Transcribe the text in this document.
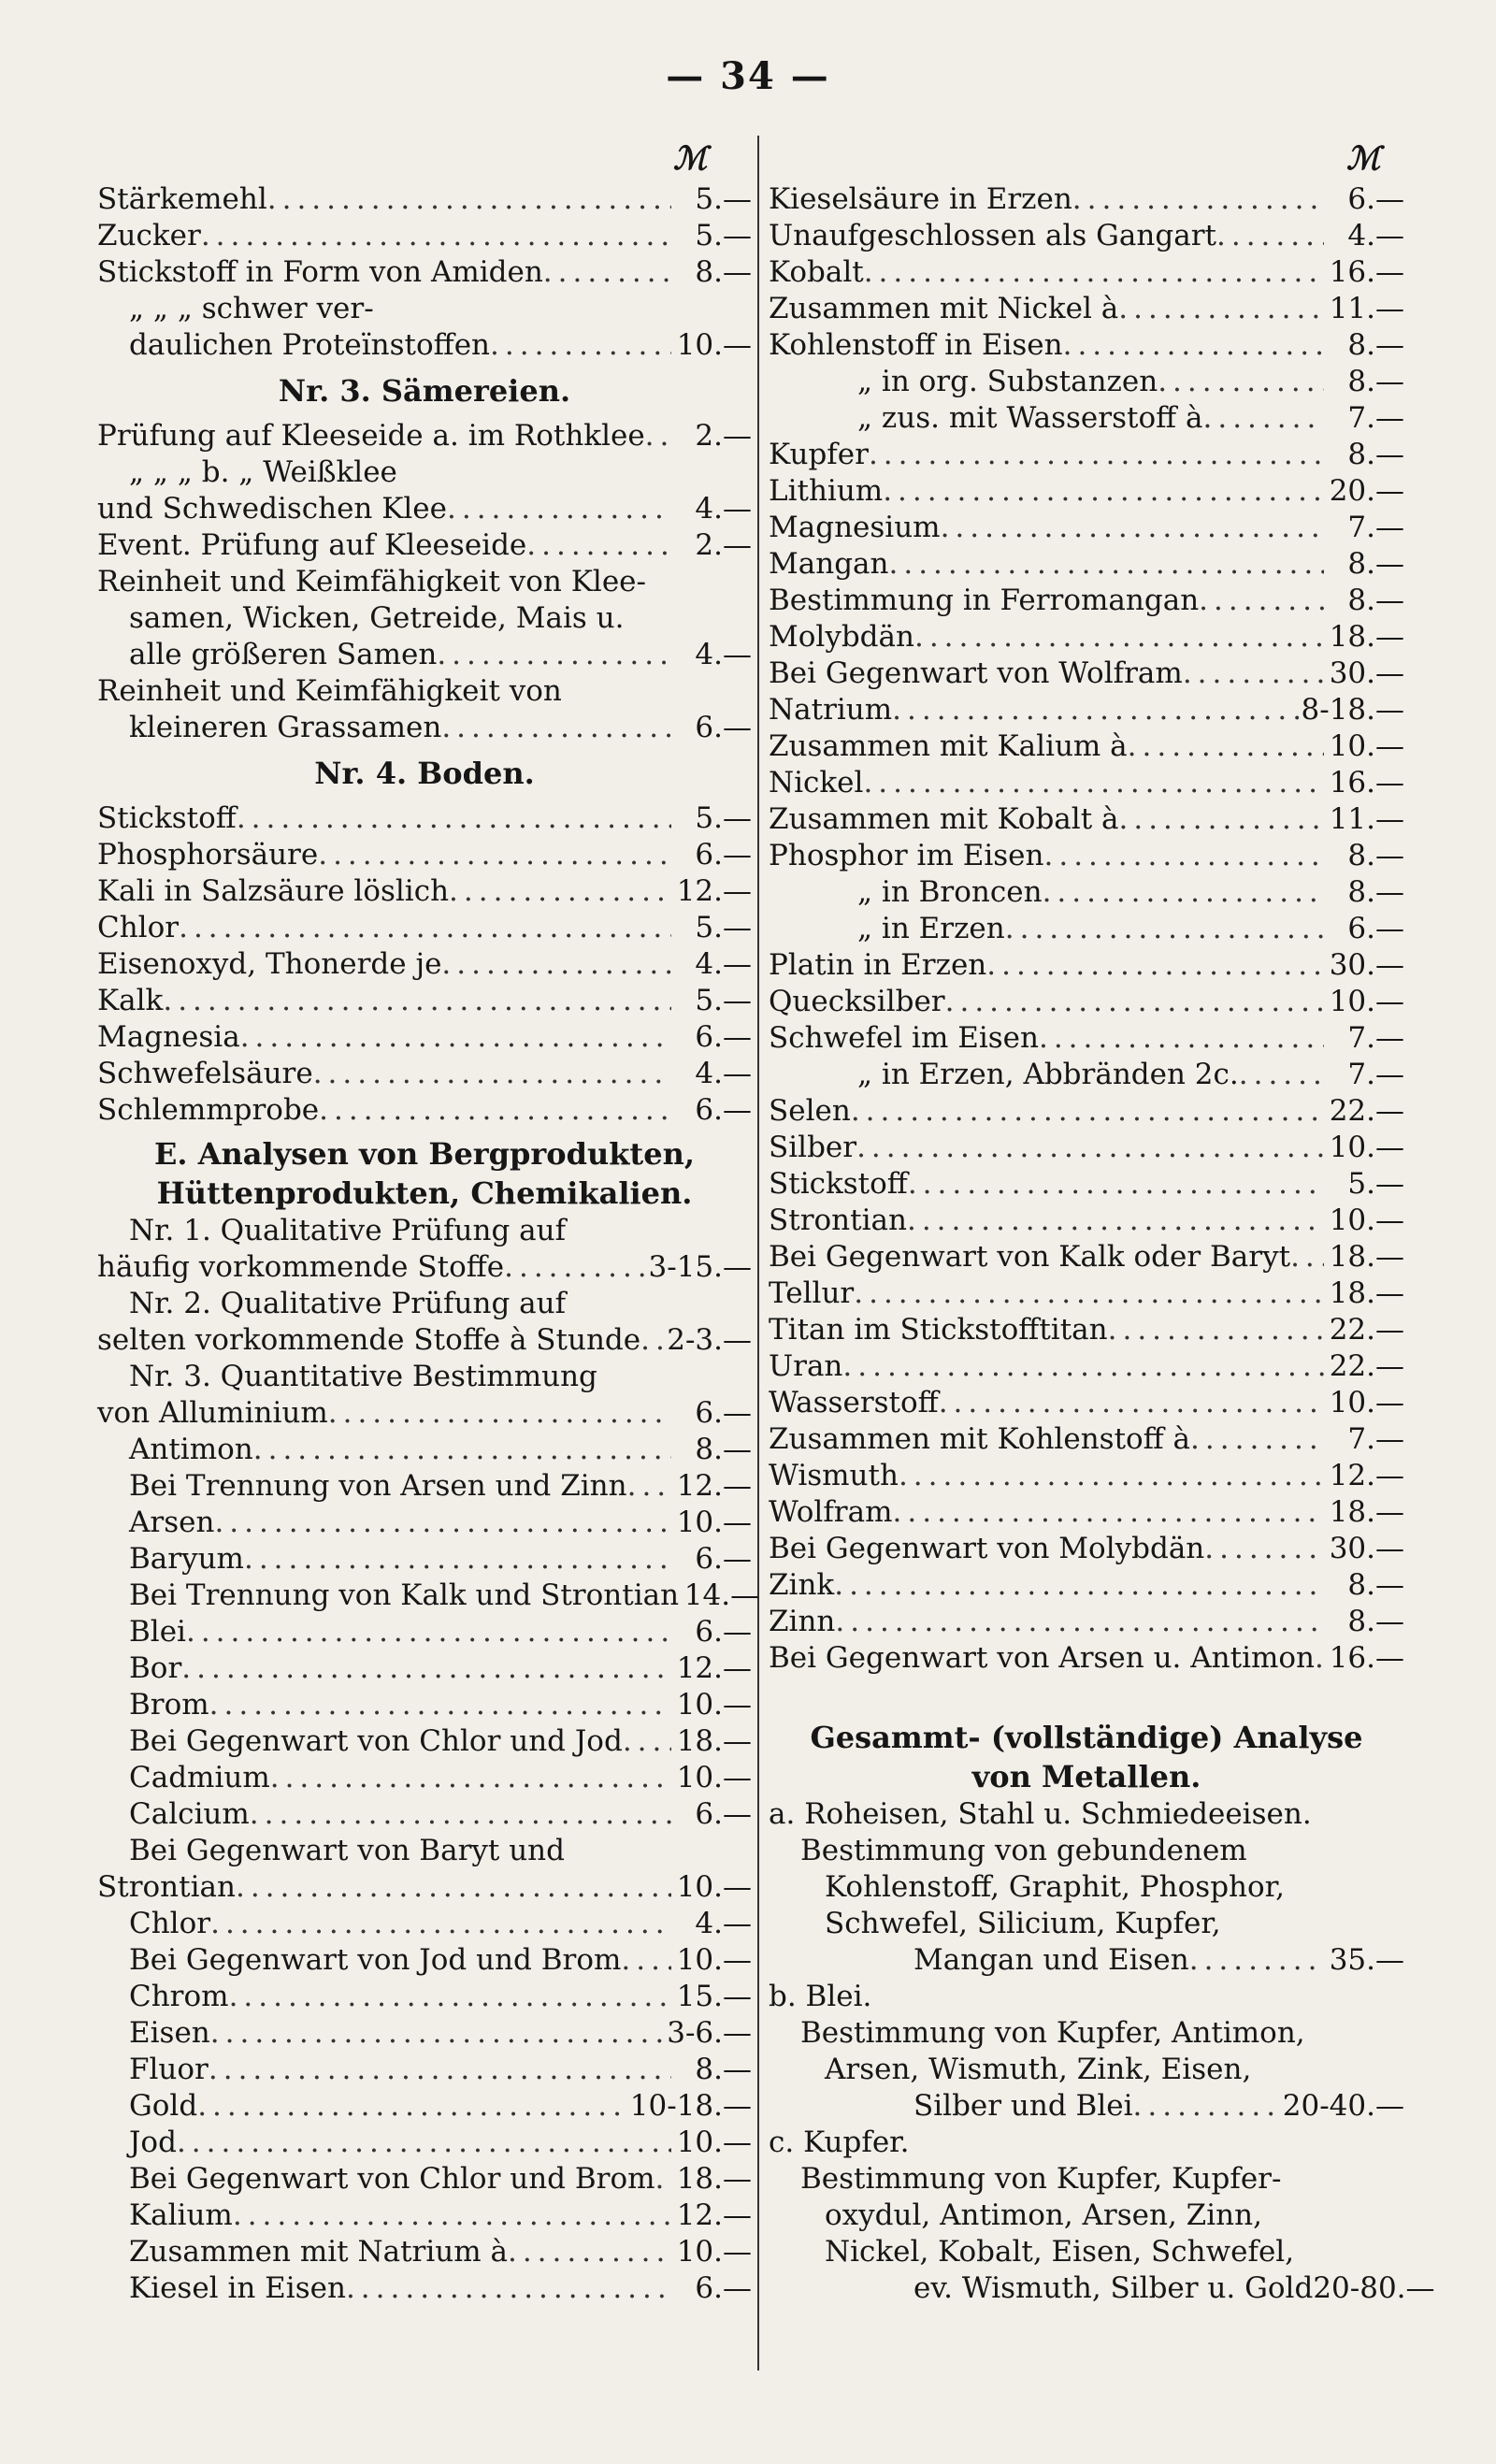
— 34 —
ℳ	ℳ
Stärkemehl .....	5.—
Zucker .....	5.—
Stickstoff in Form von Amiden .....	8.—
„ „ „ schwer ver-
daulichen Proteïnstoffen .....	10.—
Nr. 3. Sämereien.
Prüfung auf Kleeseide a. im Rothklee .....	2.—
„ „ „ b. „ Weißklee
und Schwedischen Klee .....	4.—
Event. Prüfung auf Kleeseide .....	2.—
Reinheit und Keimfähigkeit von Klee-
samen, Wicken, Getreide, Mais u.
alle größeren Samen .....	4.—
Reinheit und Keimfähigkeit von
kleineren Grassamen .....	6.—
Nr. 4. Boden.
Stickstoff .....	5.—
Phosphorsäure .....	6.—
Kali in Salzsäure löslich .....	12.—
Chlor .....	5.—
Eisenoxyd, Thonerde je .....	4.—
Kalk .....	5.—
Magnesia .....	6.—
Schwefelsäure .....	4.—
Schlemmprobe .....	6.—
E. Analysen von Bergprodukten,
Hüttenprodukten, Chemikalien.
Nr. 1. Qualitative Prüfung auf
häufig vorkommende Stoffe .....	3-15.—
Nr. 2. Qualitative Prüfung auf
selten vorkommende Stoffe à Stunde ..... 2-3.—
Nr. 3. Quantitative Bestimmung
von Alluminium .....	6.—
Antimon .....	8.—
Bei Trennung von Arsen und Zinn ..... 12.—
Arsen .....	10.—
Baryum .....	6.—
Bei Trennung von Kalk und Strontian 14.—
Blei .....	6.—
Bor .....	12.—
Brom .....	10.—
Bei Gegenwart von Chlor und Jod ..... 18.—
Cadmium .....	10.—
Calcium .....	6.—
Bei Gegenwart von Baryt und
Strontian .....	10.—
Chlor .....	4.—
Bei Gegenwart von Jod und Brom ..... 10.—
Chrom .....	15.—
Eisen .....	3-6.—
Fluor .....	8.—
Gold .....	10-18.—
Jod .....	10.—
Bei Gegenwart von Chlor und Brom ..... 18.—
Kalium .....	12.—
Zusammen mit Natrium à .....	10.—
Kiesel in Eisen .....	6.—
Kieselsäure in Erzen .....	6.—
Unaufgeschlossen als Gangart .....	4.—
Kobalt .....	16.—
Zusammen mit Nickel à .....	11.—
Kohlenstoff in Eisen .....	8.—
„ in org. Substanzen .....	8.—
„ zus. mit Wasserstoff à .....	7.—
Kupfer .....	8.—
Lithium .....	20.—
Magnesium .....	7.—
Mangan .....	8.—
Bestimmung in Ferromangan .....	8.—
Molybdän .....	18.—
Bei Gegenwart von Wolfram .....	30.—
Natrium .....	8-18.—
Zusammen mit Kalium à .....	10.—
Nickel .....	16.—
Zusammen mit Kobalt à .....	11.—
Phosphor im Eisen .....	8.—
„ in Broncen .....	8.—
„ in Erzen .....	6.—
Platin in Erzen .....	30.—
Quecksilber .....	10.—
Schwefel im Eisen .....	7.—
„ in Erzen, Abbränden 2c. .....	7.—
Selen .....	22.—
Silber .....	10.—
Stickstoff .....	5.—
Strontian .....	10.—
Bei Gegenwart von Kalk oder Baryt ..... 18.—
Tellur .....	18.—
Titan im Stickstofftitan .....	22.—
Uran .....	22.—
Wasserstoff .....	10.—
Zusammen mit Kohlenstoff à .....	7.—
Wismuth .....	12.—
Wolfram .....	18.—
Bei Gegenwart von Molybdän .....	30.—
Zink .....	8.—
Zinn .....	8.—
Bei Gegenwart von Arsen u. Antimon ..... 16.—
Gesammt- (vollständige) Analyse
von Metallen.
a. Roheisen, Stahl u. Schmiedeeisen.
Bestimmung von gebundenem
Kohlenstoff, Graphit, Phosphor,
Schwefel, Silicium, Kupfer,
Mangan und Eisen .....	35.—
b. Blei.
Bestimmung von Kupfer, Antimon,
Arsen, Wismuth, Zink, Eisen,
Silber und Blei .....	20-40.—
c. Kupfer.
Bestimmung von Kupfer, Kupfer-
oxydul, Antimon, Arsen, Zinn,
Nickel, Kobalt, Eisen, Schwefel,
ev. Wismuth, Silber u. Gold 20-80.—
